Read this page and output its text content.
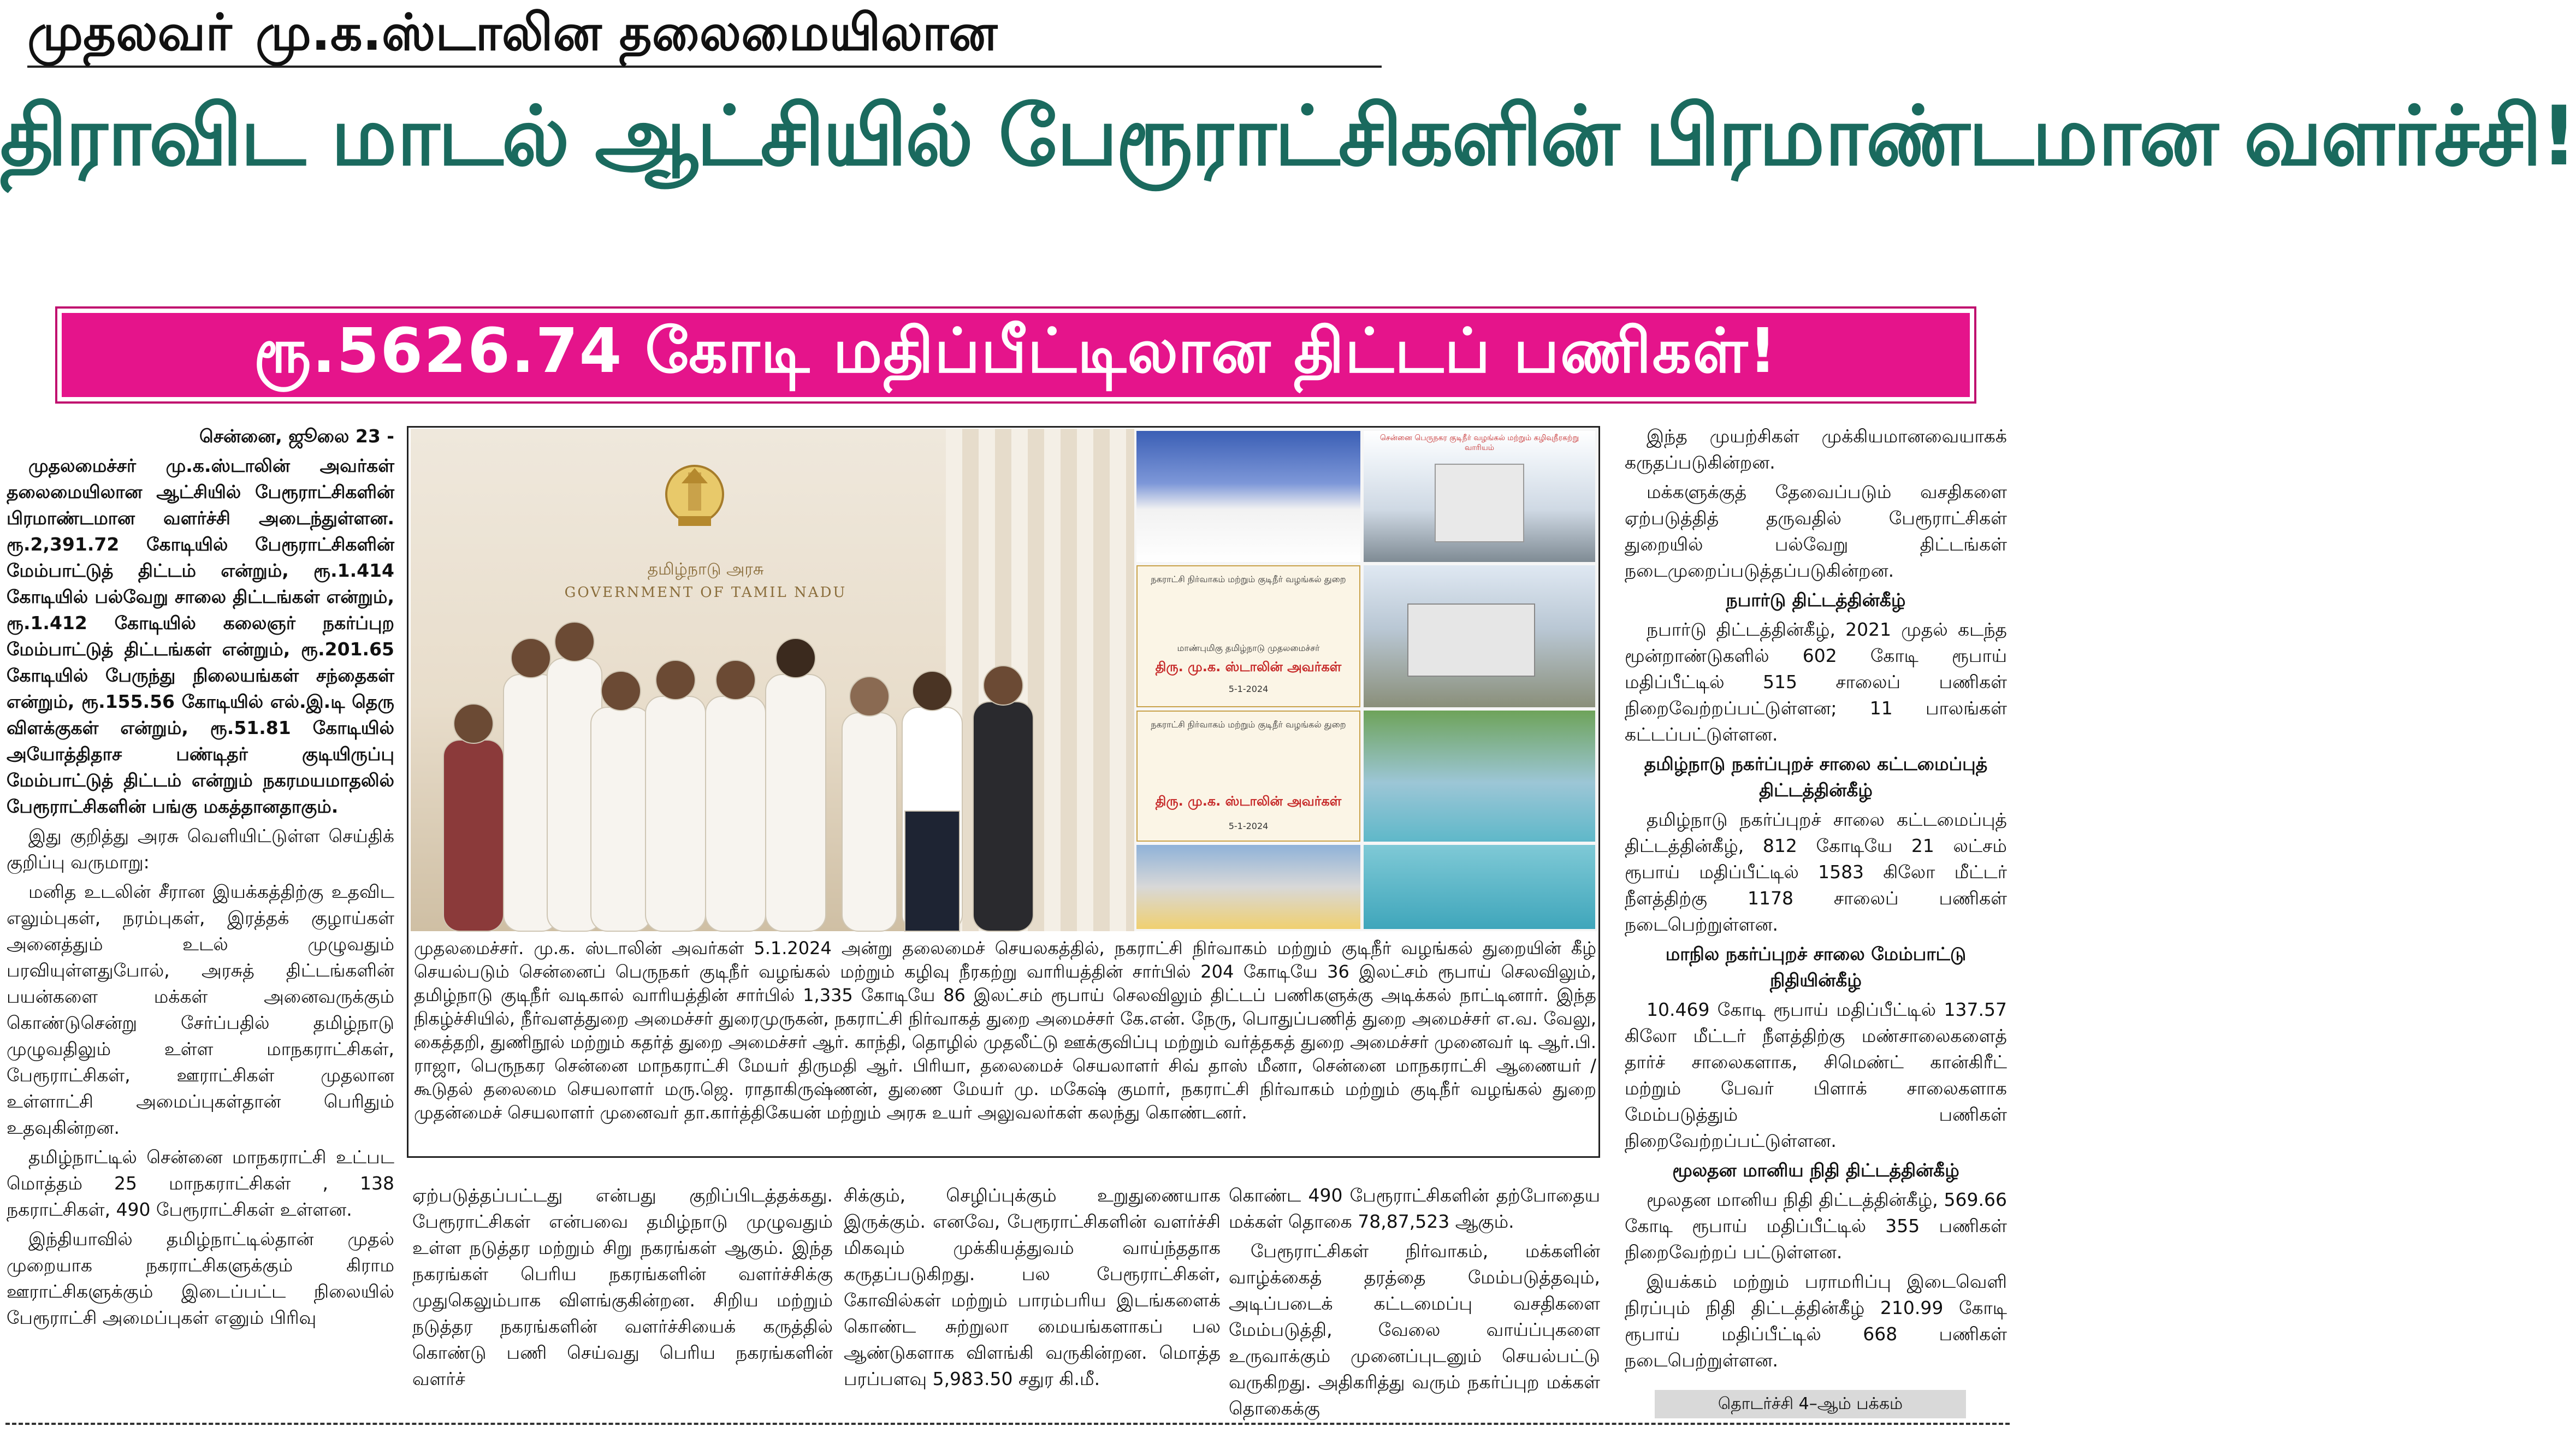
முதலவா் மு.க.ஸ்டாலின தலைமையிலான
திராவிட மாடல் ஆட்சியில் பேரூராட்சிகளின் பிரமாண்டமான வளர்ச்சி!
ரூ.5626.74 கோடி மதிப்பீட்டிலான திட்டப் பணிகள்!

சென்னை, ஜூலை 23 -

முதலமைச்சர் மு.க.ஸ்டாலின் அவர்கள் தலைமையிலான ஆட்சியில் பேரூராட்சிகளின் பிரமாண்டமான வளர்ச்சி அடைந்துள்ளன. ரூ.2,391.72 கோடியில் பேரூராட்சிகளின் மேம்பாட்டுத் திட்டம் என்றும், ரூ.1.414 கோடியில் பல்வேறு சாலை திட்டங்கள் என்றும், ரூ.1.412 கோடியில் கலைஞர் நகர்ப்புற மேம்பாட்டுத் திட்டங்கள் என்றும், ரூ.201.65 கோடியில் பேருந்து நிலையங்கள் சந்தைகள் என்றும், ரூ.155.56 கோடியில் எல்.இ.டி தெரு விளக்குகள் என்றும், ரூ.51.81 கோடியில் அயோத்திதாச பண்டிதர் குடியிருப்பு மேம்பாட்டுத் திட்டம் என்றும் நகரமயமாதலில் பேரூராட்சிகளின் பங்கு மகத்தானதாகும்.

இது குறித்து அரசு வெளியிட்டுள்ள செய்திக் குறிப்பு வருமாறு:

மனித உடலின் சீரான இயக்கத்திற்கு உதவிட எலும்புகள், நரம்புகள், இரத்தக் குழாய்கள் அனைத்தும் உடல் முழுவதும் பரவியுள்ளதுபோல், அரசுத் திட்டங்களின் பயன்களை மக்கள் அனைவருக்கும் கொண்டுசென்று சேர்ப்பதில் தமிழ்நாடு முழுவதிலும் உள்ள மாநகராட்சிகள், பேரூராட்சிகள், ஊராட்சிகள் முதலான உள்ளாட்சி அமைப்புகள்தான் பெரிதும் உதவுகின்றன.

தமிழ்நாட்டில் சென்னை மாநகராட்சி உட்பட மொத்தம் 25 மாநகராட்சிகள் , 138 நகராட்சிகள், 490 பேரூராட்சிகள் உள்ளன.

இந்தியாவில் தமிழ்நாட்டில்தான் முதல் முறையாக நகராட்சிகளுக்கும் கிராம ஊராட்சிகளுக்கும் இடைப்பட்ட நிலையில் பேரூராட்சி அமைப்புகள் எனும் பிரிவு

தமிழ்நாடு அரசு
GOVERNMENT OF TAMIL NADU
சென்னை பெருநகர குடிநீர் வழங்கல் மற்றும் கழிவுநீரகற்று வாரியம்
நகராட்சி நிர்வாகம் மற்றும் குடிநீர் வழங்கல் துறை
மாண்புமிகு தமிழ்நாடு முதலமைச்சர்
திரு. மு.க. ஸ்டாலின் அவர்கள்
5-1-2024
நகராட்சி நிர்வாகம் மற்றும் குடிநீர் வழங்கல் துறை
திரு. மு.க. ஸ்டாலின் அவர்கள்
5-1-2024
முதலமைச்சர். மு.க. ஸ்டாலின் அவர்கள் 5.1.2024 அன்று தலைமைச் செயலகத்தில், நகராட்சி நிர்வாகம் மற்றும் குடிநீர் வழங்கல் துறையின் கீழ் செயல்படும் சென்னைப் பெருநகர் குடிநீர் வழங்கல் மற்றும் கழிவு நீரகற்று வாரியத்தின் சார்பில் 204 கோடியே 36 இலட்சம் ரூபாய் செலவிலும், தமிழ்நாடு குடிநீர் வடிகால் வாரியத்தின் சார்பில் 1,335 கோடியே 86 இலட்சம் ரூபாய் செலவிலும் திட்டப் பணிகளுக்கு அடிக்கல் நாட்டினார். இந்த நிகழ்ச்சியில், நீர்வளத்துறை அமைச்சர் துரைமுருகன், நகராட்சி நிர்வாகத் துறை அமைச்சர் கே.என். நேரு, பொதுப்பணித் துறை அமைச்சர் எ.வ. வேலு, கைத்தறி, துணிநூல் மற்றும் கதர்த் துறை அமைச்சர் ஆர். காந்தி, தொழில் முதலீட்டு ஊக்குவிப்பு மற்றும் வர்த்தகத் துறை அமைச்சர் முனைவர் டி ஆர்.பி. ராஜா, பெருநகர சென்னை மாநகராட்சி மேயர் திருமதி ஆர். பிரியா, தலைமைச் செயலாளர் சிவ் தாஸ் மீனா, சென்னை மாநகராட்சி ஆணையர் / கூடுதல் தலைமை செயலாளர் மரு.ஜெ. ராதாகிருஷ்ணன், துணை மேயர் மு. மகேஷ் குமார், நகராட்சி நிர்வாகம் மற்றும் குடிநீர் வழங்கல் துறை முதன்மைச் செயலாளர் முனைவர் தா.கார்த்திகேயன் மற்றும் அரசு உயர் அலுவலர்கள் கலந்து கொண்டனர்.

ஏற்படுத்தப்பட்டது என்பது குறிப்பிடத்தக்கது. பேரூராட்சிகள் என்பவை தமிழ்நாடு முழுவதும் உள்ள நடுத்தர மற்றும் சிறு நகரங்கள் ஆகும். இந்த நகரங்கள் பெரிய நகரங்களின் வளர்ச்சிக்கு முதுகெலும்பாக விளங்குகின்றன. சிறிய மற்றும் நடுத்தர நகரங்களின் வளர்ச்சியைக் கருத்தில் கொண்டு பணி செய்வது பெரிய நகரங்களின் வளர்ச்

சிக்கும், செழிப்புக்கும் உறுதுணையாக இருக்கும். எனவே, பேரூராட்சிகளின் வளர்ச்சி மிகவும் முக்கியத்துவம் வாய்ந்ததாக கருதப்படுகிறது. பல பேரூராட்சிகள், கோவில்கள் மற்றும் பாரம்பரிய இடங்களைக் கொண்ட சுற்றுலா மையங்களாகப் பல ஆண்டுகளாக விளங்கி வருகின்றன. மொத்த பரப்பளவு 5,983.50 சதுர கி.மீ.

கொண்ட 490 பேரூராட்சிகளின் தற்போதைய மக்கள் தொகை 78,87,523 ஆகும்.

பேரூராட்சிகள் நிர்வாகம், மக்களின் வாழ்க்கைத் தரத்தை மேம்படுத்தவும், அடிப்படைக் கட்டமைப்பு வசதிகளை மேம்படுத்தி, வேலை வாய்ப்புகளை உருவாக்கும் முனைப்புடனும் செயல்பட்டு வருகிறது. அதிகரித்து வரும் நகர்ப்புற மக்கள் தொகைக்கு

இந்த முயற்சிகள் முக்கியமானவையாகக் கருதப்படுகின்றன.

மக்களுக்குத் தேவைப்படும் வசதிகளை ஏற்படுத்தித் தருவதில் பேரூராட்சிகள் துறையில் பல்வேறு திட்டங்கள் நடைமுறைப்படுத்தப்படுகின்றன.

நபார்டு திட்டத்தின்கீழ்

நபார்டு திட்டத்தின்கீழ், 2021 முதல் கடந்த மூன்றாண்டுகளில் 602 கோடி ரூபாய் மதிப்பீட்டில் 515 சாலைப் பணிகள் நிறைவேற்றப்பட்டுள்ளன; 11 பாலங்கள் கட்டப்பட்டுள்ளன.

தமிழ்நாடு நகர்ப்புறச் சாலை கட்டமைப்புத் திட்டத்தின்கீழ்

தமிழ்நாடு நகர்ப்புறச் சாலை கட்டமைப்புத் திட்டத்தின்கீழ், 812 கோடியே 21 லட்சம் ரூபாய் மதிப்பீட்டில் 1583 கிலோ மீட்டர் நீளத்திற்கு 1178 சாலைப் பணிகள் நடைபெற்றுள்ளன.

மாநில நகர்ப்புறச் சாலை மேம்பாட்டு நிதியின்கீழ்

10.469 கோடி ரூபாய் மதிப்பீட்டில் 137.57 கிலோ மீட்டர் நீளத்திற்கு மண்சாலைகளைத் தார்ச் சாலைகளாக, சிமெண்ட் கான்கிரீட் மற்றும் பேவர் பிளாக் சாலைகளாக மேம்படுத்தும் பணிகள் நிறைவேற்றப்பட்டுள்ளன.

மூலதன மானிய நிதி திட்டத்தின்கீழ்

மூலதன மானிய நிதி திட்டத்தின்கீழ், 569.66 கோடி ரூபாய் மதிப்பீட்டில் 355 பணிகள் நிறைவேற்றப் பட்டுள்ளன.

இயக்கம் மற்றும் பராமரிப்பு இடைவெளி நிரப்பும் நிதி திட்டத்தின்கீழ் 210.99 கோடி ரூபாய் மதிப்பீட்டில் 668 பணிகள் நடைபெற்றுள்ளன.

தொடர்ச்சி 4–ஆம் பக்கம்
